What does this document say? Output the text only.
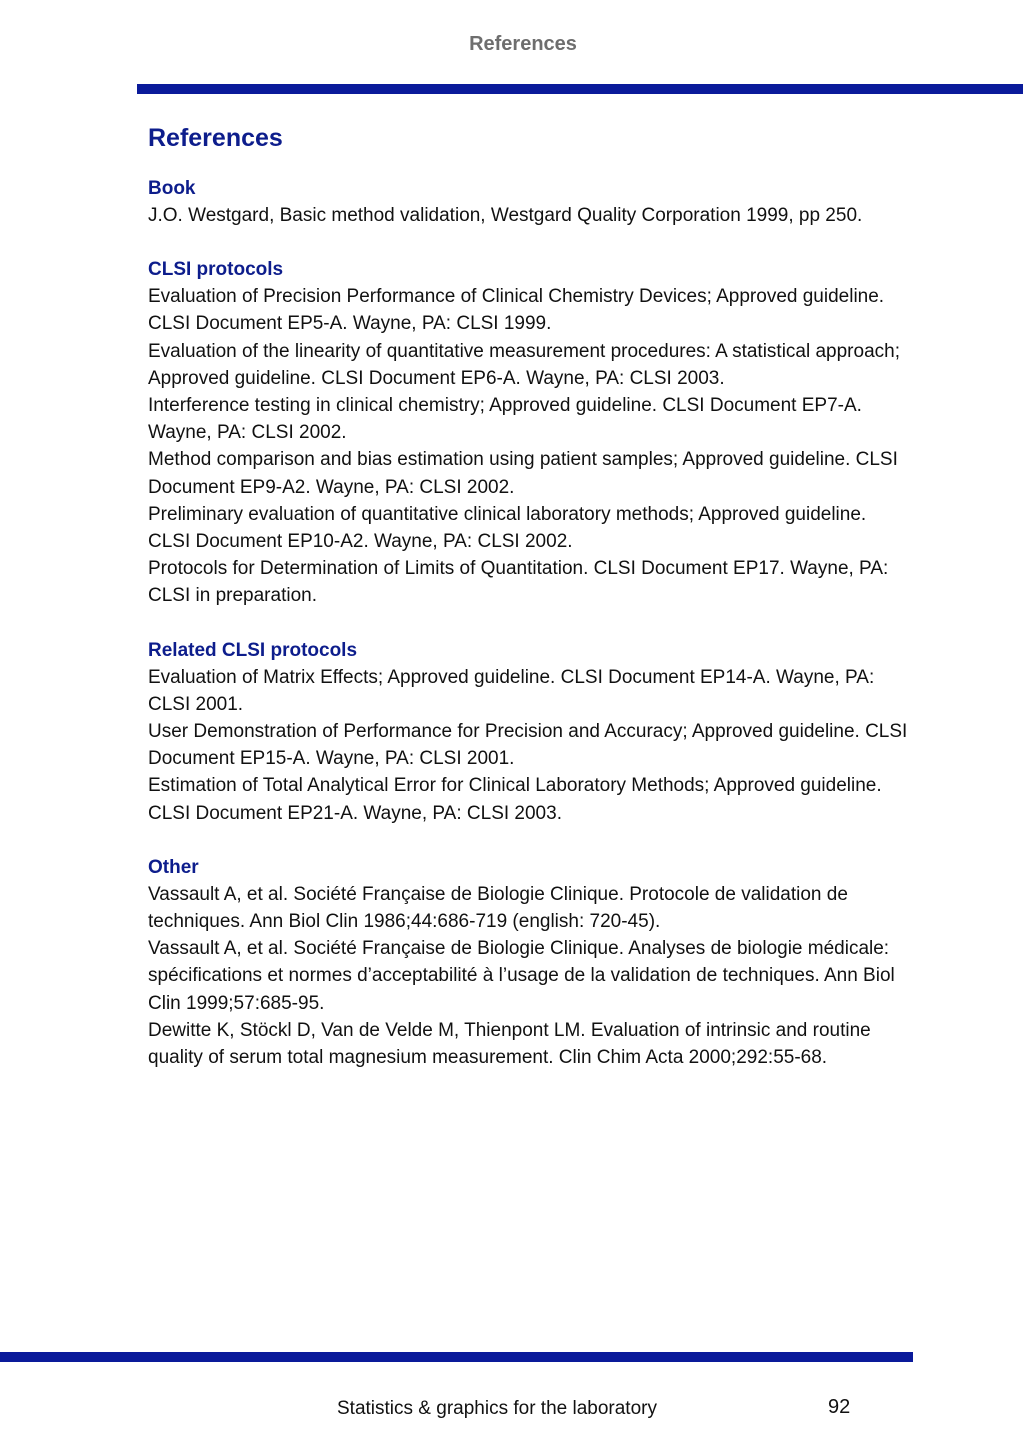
References
References
Book

J.O. Westgard, Basic method validation, Westgard Quality Corporation 1999, pp 250.

CLSI protocols

Evaluation of Precision Performance of Clinical Chemistry Devices; Approved guideline. CLSI Document EP5-A. Wayne, PA: CLSI 1999.

Evaluation of the linearity of quantitative measurement procedures: A statistical approach; Approved guideline. CLSI Document EP6-A. Wayne, PA: CLSI 2003.

Interference testing in clinical chemistry; Approved guideline. CLSI Document EP7-A. Wayne, PA: CLSI 2002.

Method comparison and bias estimation using patient samples; Approved guideline. CLSI Document EP9-A2. Wayne, PA: CLSI 2002.

Preliminary evaluation of quantitative clinical laboratory methods; Approved guideline. CLSI Document EP10-A2. Wayne, PA: CLSI 2002.

Protocols for Determination of Limits of Quantitation. CLSI Document EP17. Wayne, PA: CLSI in preparation.

Related CLSI protocols

Evaluation of Matrix Effects; Approved guideline. CLSI Document EP14-A. Wayne, PA: CLSI 2001.

User Demonstration of Performance for Precision and Accuracy; Approved guideline. CLSI Document EP15-A. Wayne, PA: CLSI 2001.

Estimation of Total Analytical Error for Clinical Laboratory Methods; Approved guideline. CLSI Document EP21-A. Wayne, PA: CLSI 2003.

Other

Vassault A, et al. Société Française de Biologie Clinique. Protocole de validation de techniques. Ann Biol Clin 1986;44:686-719 (english: 720-45).

Vassault A, et al. Société Française de Biologie Clinique. Analyses de biologie médicale: spécifications et normes d’acceptabilité à l’usage de la validation de techniques. Ann Biol Clin 1999;57:685-95.

Dewitte K, Stöckl D, Van de Velde M, Thienpont LM. Evaluation of intrinsic and routine quality of serum total magnesium measurement. Clin Chim Acta 2000;292:55-68.

Statistics & graphics for the laboratory	92
